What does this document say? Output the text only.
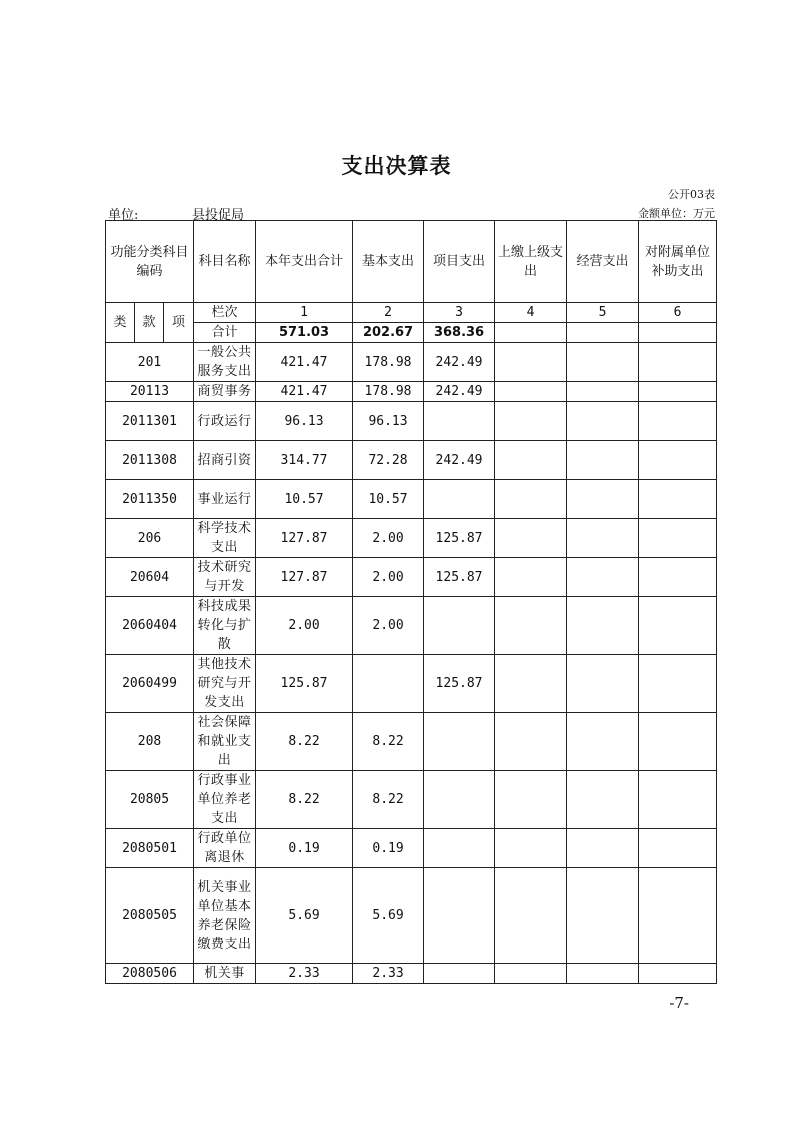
支出决算表
公开03表
单位:	县投促局	金额单位：万元
功能分类科目编码			科目名称	本年支出合计	基本支出	项目支出	上缴上级支出	经营支出	对附属单位补助支出
类	款	项	栏次	1	2	3	4	5	6
			合计	571.03	202.67	368.36			
201			一般公共服务支出	421.47	178.98	242.49			
20113			商贸事务	421.47	178.98	242.49			
2011301			行政运行	96.13	96.13				
2011308			招商引资	314.77	72.28	242.49			
2011350			事业运行	10.57	10.57				
206			科学技术支出	127.87	2.00	125.87			
20604			技术研究与开发	127.87	2.00	125.87			
2060404			科技成果转化与扩散	2.00	2.00				
2060499			其他技术研究与开发支出	125.87		125.87			
208			社会保障和就业支出	8.22	8.22				
20805			行政事业单位养老支出	8.22	8.22				
2080501			行政单位离退休	0.19	0.19				
2080505			机关事业单位基本养老保险缴费支出	5.69	5.69				
2080506			机关事	2.33	2.33				
-7-
